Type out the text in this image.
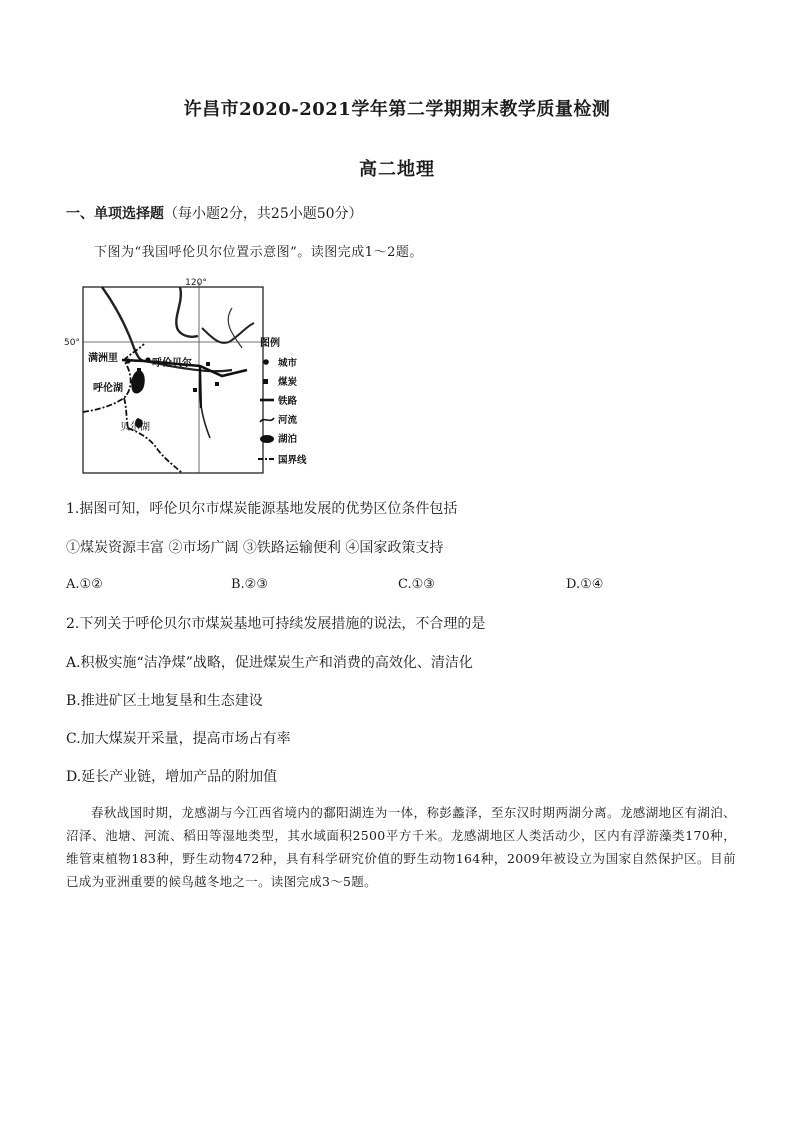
许昌市2020-2021学年第二学期期末教学质量检测
高二地理
一、单项选择题（每小题2分，共25小题50分）
下图为“我国呼伦贝尔位置示意图”。读图完成1～2题。
120°
50°
满洲里	呼伦贝尔
呼伦湖
贝尔湖
图例
城市
煤炭
铁路
河流
湖泊
国界线
1.据图可知，呼伦贝尔市煤炭能源基地发展的优势区位条件包括
①煤炭资源丰富 ②市场广阔 ③铁路运输便利 ④国家政策支持
A.①②	B.②③	C.①③	D.①④
2.下列关于呼伦贝尔市煤炭基地可持续发展措施的说法，不合理的是
A.积极实施“洁净煤”战略，促进煤炭生产和消费的高效化、清洁化
B.推进矿区土地复垦和生态建设
C.加大煤炭开采量，提高市场占有率
D.延长产业链，增加产品的附加值
春秋战国时期，龙感湖与今江西省境内的鄱阳湖连为一体，称彭蠡泽，至东汉时期两湖分离。龙感湖地区有湖泊、沼泽、池塘、河流、稻田等湿地类型，其水域面积2500平方千米。龙感湖地区人类活动少，区内有浮游藻类170种，维管束植物183种，野生动物472种，具有科学研究价值的野生动物164种，2009年被设立为国家自然保护区。目前已成为亚洲重要的候鸟越冬地之一。读图完成3～5题。
